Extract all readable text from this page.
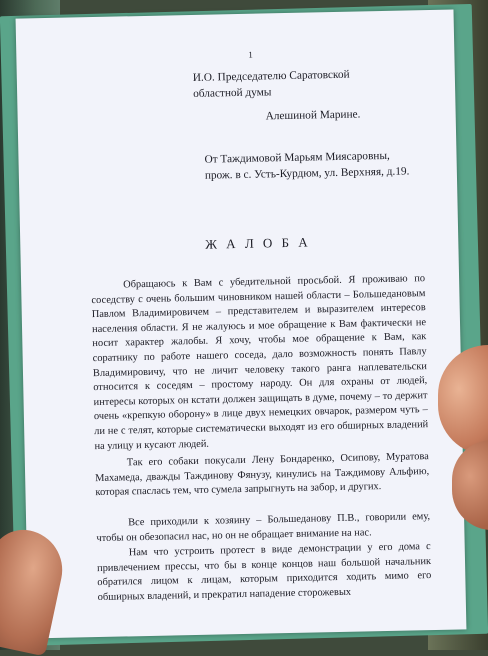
1
И.О. Председателю Саратовской
областной думы
Алешиной Марине.
От Таждимовой Марьям Миясаровны,
прож. в с. Усть-Курдюм, ул. Верхняя, д.19.
Ж А Л О Б А
Обращаюсь к Вам с убедительной просьбой. Я проживаю по соседству с очень большим чиновником нашей области – Большедановым Павлом Владимировичем – представителем и выразителем интересов населения области. Я не жалуюсь и мое обращение к Вам фактически не носит характер жалобы. Я хочу, чтобы мое обращение к Вам, как соратнику по работе нашего соседа, дало возможность понять Павлу Владимировичу, что не личит человеку такого ранга наплевательски относится к соседям – простому народу. Он для охраны от людей, интересы которых он кстати должен защищать в думе, почему – то держит очень «крепкую оборону» в лице двух немецких овчарок, размером чуть – ли не с телят, которые систематически выходят из его обширных владений на улицу и кусают людей.
Так его собаки покусали Лену Бондаренко, Осипову, Муратова Махамеда, дважды Таждинову Фянузу, кинулись на Таждимову Альфию, которая спаслась тем, что сумела запрыгнуть на забор, и других.
Все приходили к хозяину – Большеданову П.В., говорили ему, чтобы он обезопасил нас, но он не обращает внимание на нас.
Нам что устроить протест в виде демонстрации у его дома с привлечением прессы, что бы в конце концов наш большой начальник обратился лицом к лицам, которым приходится ходить мимо его обширных владений, и прекратил нападение сторожевых
